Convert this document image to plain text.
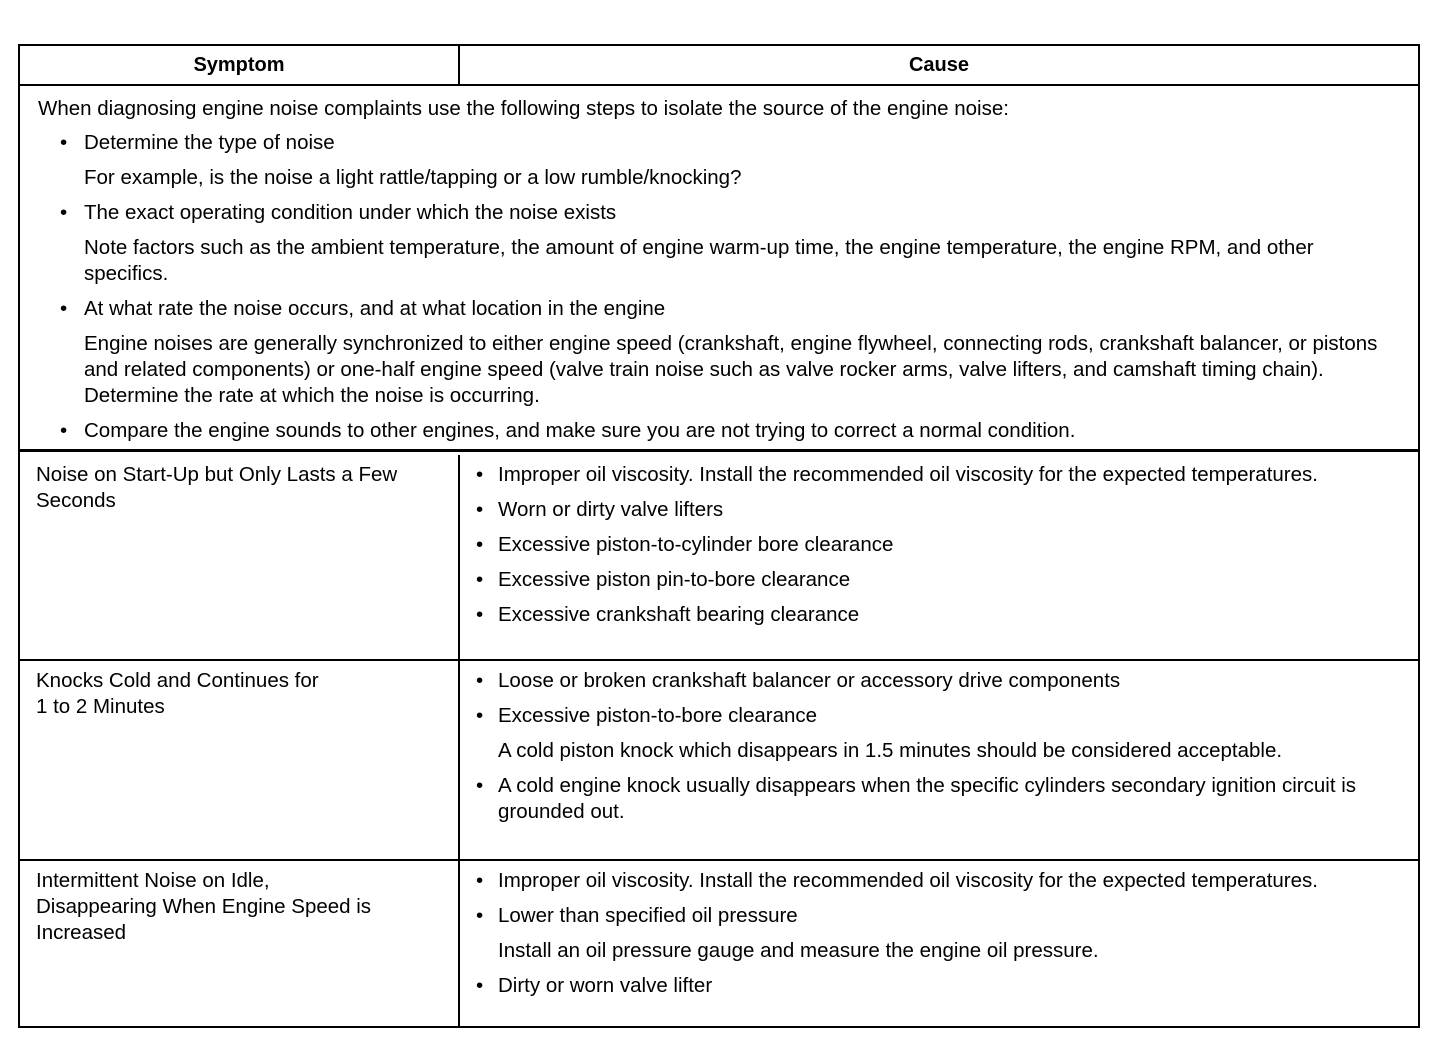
Symptom	Cause
When diagnosing engine noise complaints use the following steps to isolate the source of the engine noise:
• Determine the type of noise
For example, is the noise a light rattle/tapping or a low rumble/knocking?
• The exact operating condition under which the noise exists
Note factors such as the ambient temperature, the amount of engine warm-up time, the engine temperature, the engine RPM, and other specifics.
• At what rate the noise occurs, and at what location in the engine
Engine noises are generally synchronized to either engine speed (crankshaft, engine flywheel, connecting rods, crankshaft balancer, or pistons and related components) or one-half engine speed (valve train noise such as valve rocker arms, valve lifters, and camshaft timing chain). Determine the rate at which the noise is occurring.
• Compare the engine sounds to other engines, and make sure you are not trying to correct a normal condition.
Noise on Start-Up but Only Lasts a Few Seconds
• Improper oil viscosity. Install the recommended oil viscosity for the expected temperatures.
• Worn or dirty valve lifters
• Excessive piston-to-cylinder bore clearance
• Excessive piston pin-to-bore clearance
• Excessive crankshaft bearing clearance
Knocks Cold and Continues for
1 to 2 Minutes
• Loose or broken crankshaft balancer or accessory drive components
• Excessive piston-to-bore clearance
A cold piston knock which disappears in 1.5 minutes should be considered acceptable.
• A cold engine knock usually disappears when the specific cylinders secondary ignition circuit is grounded out.
Intermittent Noise on Idle,
Disappearing When Engine Speed is
Increased
• Improper oil viscosity. Install the recommended oil viscosity for the expected temperatures.
• Lower than specified oil pressure
Install an oil pressure gauge and measure the engine oil pressure.
• Dirty or worn valve lifter
